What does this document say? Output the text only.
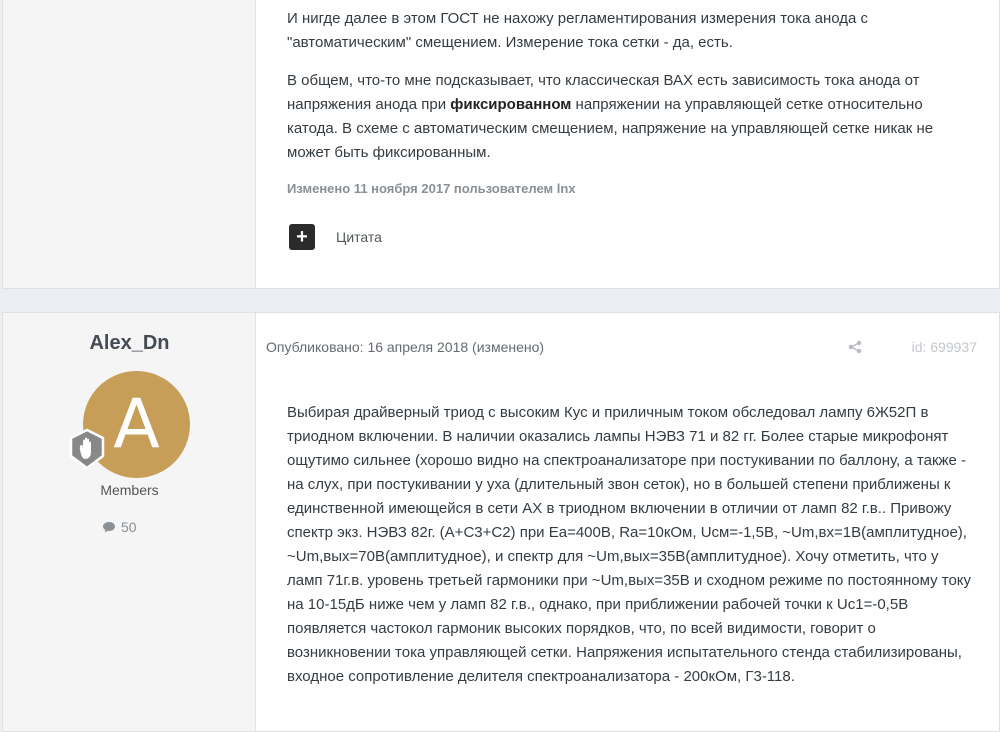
И нигде далее в этом ГОСТ не нахожу регламентирования измерения тока анода с "автоматическим" смещением. Измерение тока сетки - да, есть.

В общем, что-то мне подсказывает, что классическая ВАХ есть зависимость тока анода от напряжения анода при фиксированном напряжении на управляющей сетке относительно катода. В схеме с автоматическим смещением, напряжение на управляющей сетке никак не может быть фиксированным.

Изменено 11 ноября 2017 пользователем lnx
+	Цитата
Alex_Dn
A
Members
50
Опубликовано: 16 апреля 2018 (изменено)	id: 699937

Выбирая драйверный триод с высоким Кус и приличным током обследовал лампу 6Ж52П в триодном включении. В наличии оказались лампы НЭВЗ 71 и 82 гг. Более старые микрофонят ощутимо сильнее (хорошо видно на спектроанализаторе при постукивании по баллону, а также - на слух, при постукивании у уха (длительный звон сеток), но в большей степени приближены к единственной имеющейся в сети АХ в триодном включении в отличии от ламп 82 г.в.. Привожу спектр экз. НЭВЗ 82г. (А+С3+С2) при Еа=400В, Ra=10кОм, Uсм=-1,5В, ~Um,вх=1В(амплитудное), ~Um,вых=70В(амплитудное), и спектр для ~Um,вых=35В(амплитудное). Хочу отметить, что у ламп 71г.в. уровень третьей гармоники при ~Um,вых=35В и сходном режиме по постоянному току на 10-15дБ ниже чем у ламп 82 г.в., однако, при приближении рабочей точки к Uс1=-0,5В появляется частокол гармоник высоких порядков, что, по всей видимости, говорит о возникновении тока управляющей сетки. Напряжения испытательного стенда стабилизированы, входное сопротивление делителя спектроанализатора - 200кОм, Г3-118.
